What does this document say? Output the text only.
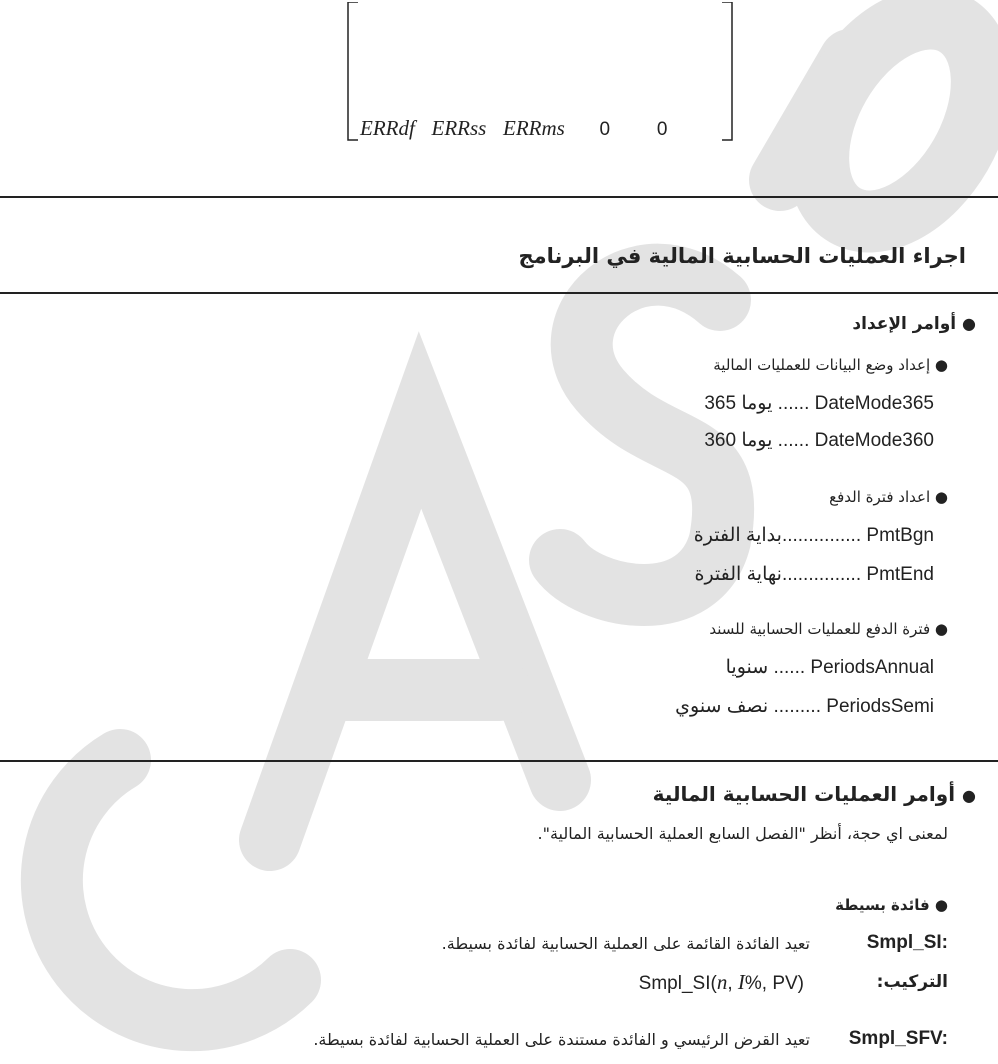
ERRdf ERRss ERRms 0 0
اجراء العمليات الحسابية المالية في البرنامج
● أوامر الإعداد
● إعداد وضع البيانات للعمليات المالية
365 يوما ...... DateMode365
360 يوما ...... DateMode360
● اعداد فترة الدفع
بداية الفترة............... PmtBgn
نهاية الفترة............... PmtEnd
● فترة الدفع للعمليات الحسابية للسند
سنويا ...... PeriodsAnnual
نصف سنوي ......... PeriodsSemi
● أوامر العمليات الحسابية المالية
لمعنى اي حجة، أنظر "الفصل السابع العملية الحسابية المالية".
● فائدة بسيطة
Smpl_SI:
تعيد الفائدة القائمة على العملية الحسابية لفائدة بسيطة.
التركيب:
Smpl_SI(n, I%, PV)
Smpl_SFV:
تعيد القرض الرئيسي و الفائدة مستندة على العملية الحسابية لفائدة بسيطة.
